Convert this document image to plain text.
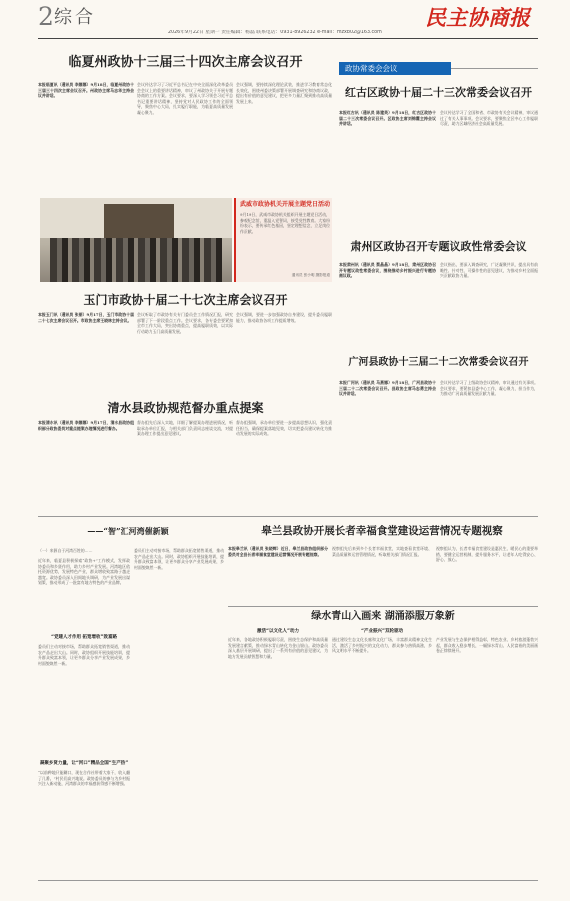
2 综合
2026年9月22日 星期一 责任编辑：杨磊 联系电话：0931-8926232 e-mail：mzxb02@163.com
民主协商报
临夏州政协十三届三十四次主席会议召开
本报临夏讯（通讯员 李娜娜）9月18日，临夏州政协十三届三十四次主席会议召开。州政协主席马志华主持会议并讲话。
会议传达学习了习近平总书记在中央全面深化改革委员会会议上的重要讲话精神，审议了州政协关于开展专题协商的工作方案。会议要求，要深入学习领会习近平总书记重要讲话精神，坚持党对人民政协工作的全面领导，聚焦中心大局，扎实履行职能，为临夏高质量发展凝心聚力。
会议强调，要持续深化理论武装，推进学习教育常态化长效化，围绕州委决策部署开展调查研究和协商议政，提出有价值的意见建议，把更多力量汇聚到推动高质量发展上来。
武威市政协机关开展主题党日活动
9月19日，武威市政协机关组织开展主题党日活动，参观纪念馆，重温入党誓词，接受党性教育。大家纷纷表示，要传承红色基因，坚定理想信念，立足岗位作贡献。
通讯员 张小明 摄影报道
玉门市政协十届二十七次主席会议召开
本报玉门讯（通讯员 张丽）9月17日，玉门市政协十届二十七次主席会议召开。市政协主席王晓林主持会议。
会议听取了市政协有关专门委员会工作情况汇报，研究部署了下一阶段重点工作。会议要求，各专委会要紧扣全市工作大局，突出协商重点，提高履职质效，以实际行动助力玉门高质量发展。
会议强调，要进一步加强政协自身建设，提升委员履职能力，推动政协各项工作提质增效。
清水县政协规范督办重点提案
本报清水讯（通讯员 李娜娜）9月17日，清水县政协组织部分政协委员对重点提案办理情况进行督办。
督办组先后深入实地，详细了解提案办理进展情况，听取承办单位汇报，与相关部门负责同志座谈交流，对提案办理工作提出意见建议。
督办组强调，承办单位要进一步提高思想认识，强化责任担当，确保提案落地见效，切实把委员建议转化为推动发展的实际成效。
政协常委会会议
红古区政协十届二十三次常委会议召开
本报红古讯（通讯员 陈建英）9月18日，红古区政协十届二十三次常委会议召开。区政协主席刘锦霞主持会议并讲话。
会议传达学习了全国和省、市政协有关会议精神，审议通过了有关人事事项。会议要求，要聚焦全区中心工作履职尽责，助力区域经济社会高质量发展。
肃州区政协召开专题议政性常委会议
本报肃州讯（通讯员 蔡晶晶）9月18日，肃州区政协召开专题议政性常委会议，围绕推动乡村振兴进行专题协商议政。
会议指出，要深入调查研究，广泛凝聚共识，提出具有前瞻性、针对性、可操作性的意见建议，为推动乡村全面振兴贡献政协力量。
广河县政协十三届二十二次常委会议召开
本报广河讯（通讯员 马燕娜）9月18日，广河县政协十三届二十二次常委会议召开。县政协主席马志勇主持会议并讲话。
会议传达学习了上级政协会议精神，审议通过有关事项。会议要求，要紧扣县委中心工作，凝心聚力，担当作为，为推动广河高质量发展贡献力量。
皋兰县政协开展长者幸福食堂建设运营情况专题视察
——“智”汇河湾催新颖
（一）来源自于河湾百姓的……
近年来，临夏县积极探索“政协+”工作模式，发挥政协委员和乡贤作用，助力乡村产业发展。河湾地区依托资源优势，发展特色产业，群众增收致富路子越走越宽。政协委员深入田间地头调研，为产业发展出谋划策，推动形成了一批富有地方特色的产业品牌。
“党建人才作用 拓宽增收”致富路
委员们主动对接市场，帮助群众拓宽销售渠道，推动农产品走出大山。同时，政协组织开展技能培训，提升群众致富本领，让更多群众分享产业发展成果，乡村面貌焕然一新。
凝聚乡贤力量，让“河口”精品全国“生产热”
“以前种地只能糊口，现在合作社带着大家干，收入翻了几番。”村民们高兴地说。政协委员的参与为乡村振兴注入新动能，河湾群众的幸福感获得感不断增强。
委员们主动对接市场，帮助群众拓宽销售渠道，推动农产品走出大山。同时，政协组织开展技能培训，提升群众致富本领，让更多群众分享产业发展成果，乡村面貌焕然一新。
本报皋兰讯（通讯员 张晓辉）近日，皋兰县政协组织部分委员对全县长者幸福食堂建设运营情况开展专题视察。
视察组先后来到多个长者幸福食堂，实地查看食堂环境、菜品质量和运营管理情况，听取相关部门情况汇报。
视察组认为，长者幸福食堂建设是惠民生、暖民心的重要举措，要健全运营机制，提升服务水平，让老年人吃得安心、舒心、放心。
绿水青山入画来 湖涌添服万象新
激活“以文化人”动力
近年来，各地政协积极履职尽责，围绕生态保护和高质量发展建言献策，推动绿水青山转化为金山银山。政协委员深入基层开展调研，提出了一系列有价值的意见建议，为地方发展贡献智慧和力量。
“产业振兴”双轮驱动
通过建设生态文化长廊和文化广场，丰富群众精神文化生活，激活了乡村振兴的文化动力，群众参与热情高涨，乡风文明水平不断提升。
产业发展与生态保护相得益彰，特色农业、乡村旅游蓬勃兴起，群众收入稳步增长，一幅绿水青山、人民富裕的美丽画卷正徐徐展开。
